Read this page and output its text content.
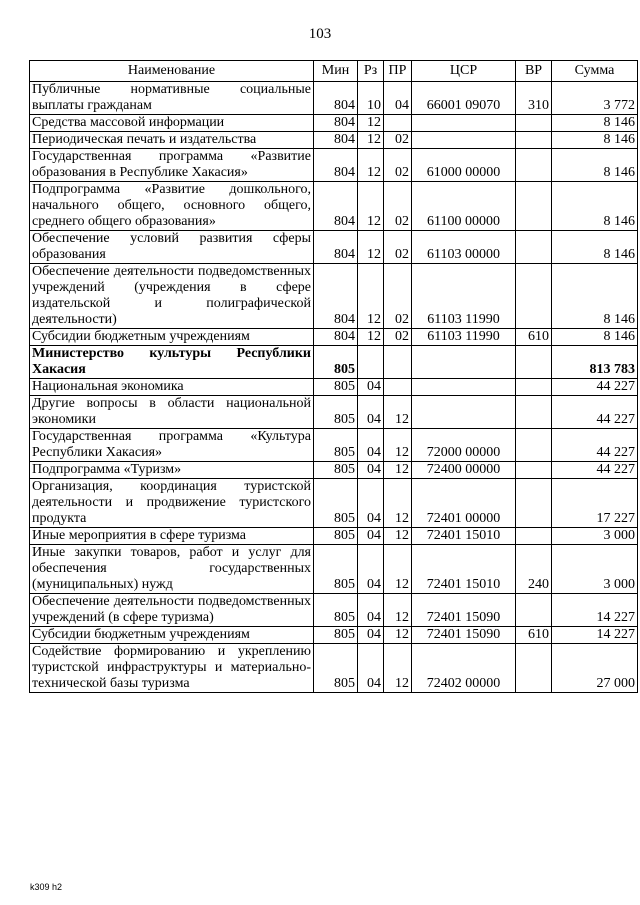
103
Наименование	Мин	Рз	ПР	ЦСР	ВР	Сумма
Публичные нормативные социальные выплаты гражданам	804	10	04	66001 09070	310	3 772
Средства массовой информации	804	12				8 146
Периодическая печать и издательства	804	12	02			8 146
Государственная программа «Развитие образования в Республике Хакасия»	804	12	02	61000 00000		8 146
Подпрограмма «Развитие дошкольного, начального общего, основного общего, среднего общего образования»	804	12	02	61100 00000		8 146
Обеспечение условий развития сферы образования	804	12	02	61103 00000		8 146
Обеспечение деятельности подведомственных учреждений (учреждения в сфере издательской и полиграфической деятельности)	804	12	02	61103 11990		8 146
Субсидии бюджетным учреждениям	804	12	02	61103 11990	610	8 146
Министерство культуры Республики Хакасия	805					813 783
Национальная экономика	805	04				44 227
Другие вопросы в области национальной экономики	805	04	12			44 227
Государственная программа «Культура Республики Хакасия»	805	04	12	72000 00000		44 227
Подпрограмма «Туризм»	805	04	12	72400 00000		44 227
Организация, координация туристской деятельности и продвижение туристского продукта	805	04	12	72401 00000		17 227
Иные мероприятия в сфере туризма	805	04	12	72401 15010		3 000
Иные закупки товаров, работ и услуг для обеспечения государственных (муниципальных) нужд	805	04	12	72401 15010	240	3 000
Обеспечение деятельности подведомственных учреждений (в сфере туризма)	805	04	12	72401 15090		14 227
Субсидии бюджетным учреждениям	805	04	12	72401 15090	610	14 227
Содействие формированию и укреплению туристской инфраструктуры и материально-технической базы туризма	805	04	12	72402 00000		27 000
k309 h2
